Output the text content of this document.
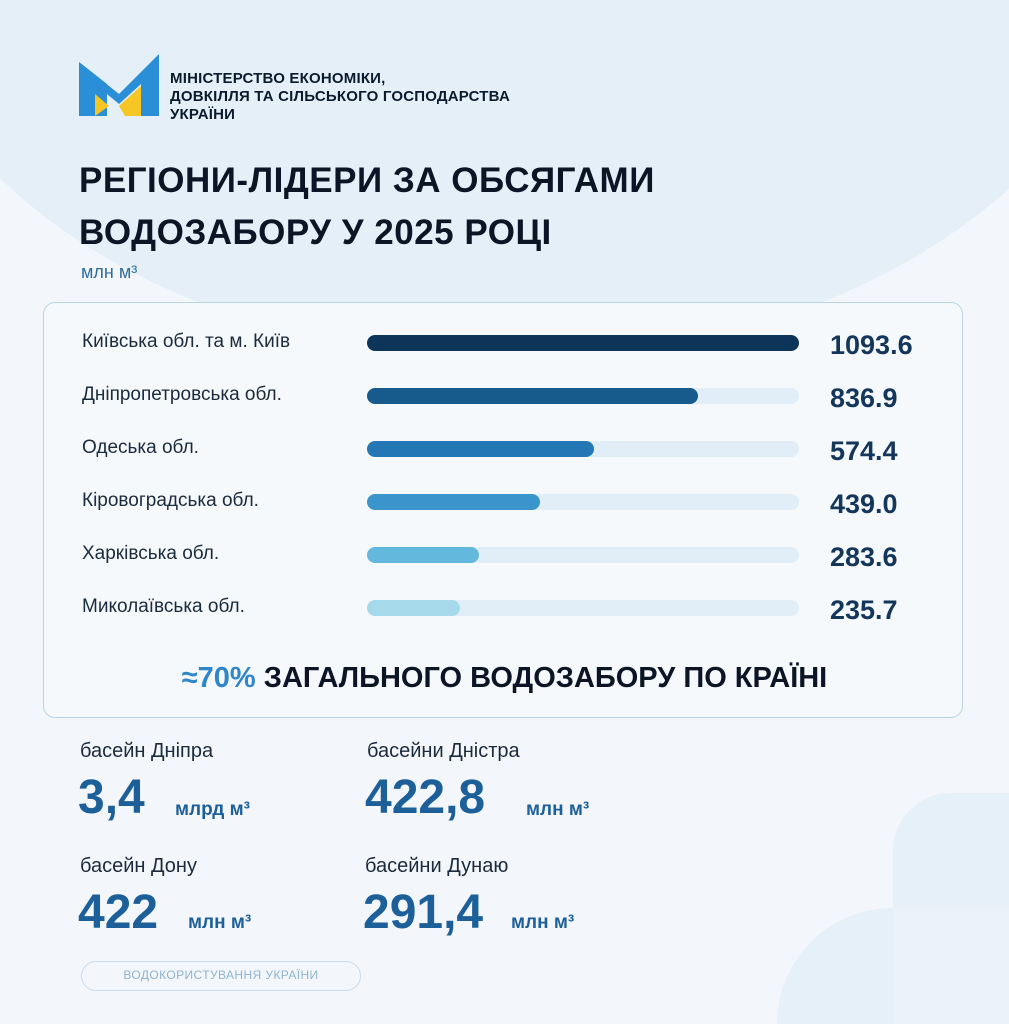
МІНІСТЕРСТВО ЕКОНОМІКИ,
ДОВКІЛЛЯ ТА СІЛЬСЬКОГО ГОСПОДАРСТВА
УКРАЇНИ
РЕГІОНИ-ЛІДЕРИ ЗА ОБСЯГАМИ
ВОДОЗАБОРУ У 2025 РОЦІ
млн м³
Київська обл. та м. Київ	1093.6
Дніпропетровська обл.	836.9
Одеська обл.	574.4
Кіровоградська обл.	439.0
Харківська обл.	283.6
Миколаївська обл.	235.7
≈70% ЗАГАЛЬНОГО ВОДОЗАБОРУ ПО КРАЇНІ
басейн Дніпра
3,4 млрд м³
басейни Дністра
422,8 млн м³
басейн Дону
422 млн м³
басейни Дунаю
291,4 млн м³
ВОДОКОРИСТУВАННЯ УКРАЇНИ
